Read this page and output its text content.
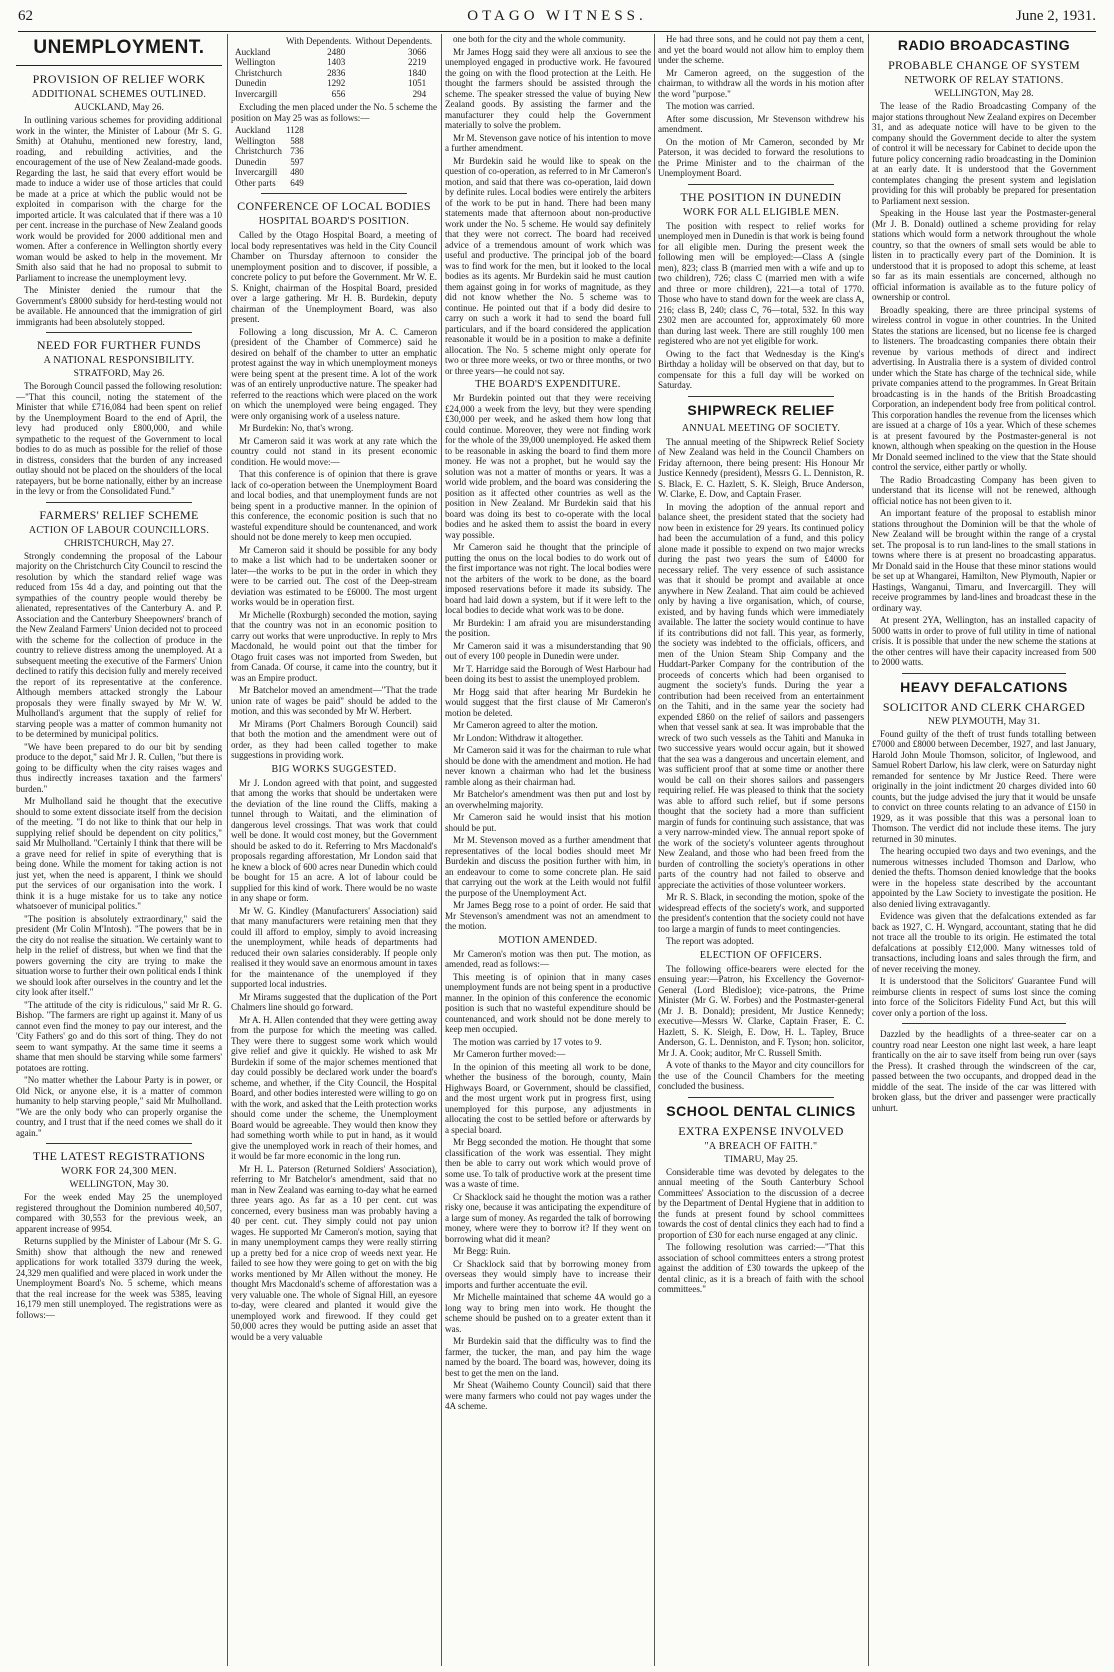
62	OTAGO WITNESS.	June 2, 1931.
UNEMPLOYMENT.
PROVISION OF RELIEF WORK
ADDITIONAL SCHEMES OUTLINED.
AUCKLAND, May 26.

In outlining various schemes for providing additional work in the winter, the Minister of Labour (Mr S. G. Smith) at Otahuhu, mentioned new forestry, land, roading, and rebuilding activities, and the encouragement of the use of New Zealand-made goods. Regarding the last, he said that every effort would be made to induce a wider use of those articles that could be made at a price at which the public would not be exploited in comparison with the charge for the imported article. It was calculated that if there was a 10 per cent. increase in the purchase of New Zealand goods work would be provided for 2000 additional men and women. After a conference in Wellington shortly every woman would be asked to help in the movement. Mr Smith also said that he had no proposal to submit to Parliament to increase the unemployment levy.

The Minister denied the rumour that the Government's £8000 subsidy for herd-testing would not be available. He announced that the immigration of girl immigrants had been absolutely stopped.

NEED FOR FURTHER FUNDS
A NATIONAL RESPONSIBILITY.
STRATFORD, May 26.

The Borough Council passed the following resolution:—"That this council, noting the statement of the Minister that while £716,084 had been spent on relief by the Unemployment Board to the end of April, the levy had produced only £800,000, and while sympathetic to the request of the Government to local bodies to do as much as possible for the relief of those in distress, considers that the burden of any increased outlay should not be placed on the shoulders of the local ratepayers, but be borne nationally, either by an increase in the levy or from the Consolidated Fund."

FARMERS' RELIEF SCHEME
ACTION OF LABOUR COUNCILLORS.
CHRISTCHURCH, May 27.

Strongly condemning the proposal of the Labour majority on the Christchurch City Council to rescind the resolution by which the standard relief wage was reduced from 15s 4d a day, and pointing out that the sympathies of the country people would thereby be alienated, representatives of the Canterbury A. and P. Association and the Canterbury Sheepowners' branch of the New Zealand Farmers' Union decided not to proceed with the scheme for the collection of produce in the country to relieve distress among the unemployed. At a subsequent meeting the executive of the Farmers' Union declined to ratify this decision fully and merely received the report of its representative at the conference. Although members attacked strongly the Labour proposals they were finally swayed by Mr W. W. Mulholland's argument that the supply of relief for starving people was a matter of common humanity not to be determined by municipal politics.

"We have been prepared to do our bit by sending produce to the depot," said Mr J. R. Cullen, "but there is going to be difficulty when the city raises wages and thus indirectly increases taxation and the farmers' burden."

Mr Mulholland said he thought that the executive should to some extent dissociate itself from the decision of the meeting. "I do not like to think that our help in supplying relief should be dependent on city politics," said Mr Mulholland. "Certainly I think that there will be a grave need for relief in spite of everything that is being done. While the moment for taking action is not just yet, when the need is apparent, I think we should put the services of our organisation into the work. I think it is a huge mistake for us to take any notice whatsoever of municipal politics."

"The position is absolutely extraordinary," said the president (Mr Colin M'Intosh). "The powers that be in the city do not realise the situation. We certainly want to help in the relief of distress, but when we find that the powers governing the city are trying to make the situation worse to further their own political ends I think we should look after ourselves in the country and let the city look after itself."

"The attitude of the city is ridiculous," said Mr R. G. Bishop. "The farmers are right up against it. Many of us cannot even find the money to pay our interest, and the 'City Fathers' go and do this sort of thing. They do not seem to want sympathy. At the same time it seems a shame that men should be starving while some farmers' potatoes are rotting.

"No matter whether the Labour Party is in power, or Old Nick, or anyone else, it is a matter of common humanity to help starving people," said Mr Mulholland. "We are the only body who can properly organise the country, and I trust that if the need comes we shall do it again."

THE LATEST REGISTRATIONS
WORK FOR 24,300 MEN.
WELLINGTON, May 30.

For the week ended May 25 the unemployed registered throughout the Dominion numbered 40,507, compared with 30,553 for the previous week, an apparent increase of 9954.

Returns supplied by the Minister of Labour (Mr S. G. Smith) show that although the new and renewed applications for work totalled 3379 during the week, 24,329 men qualified and were placed in work under the Unemployment Board's No. 5 scheme, which means that the real increase for the week was 5385, leaving 16,179 men still unemployed. The registrations were as follows:—

	With Dependents.	Without Dependents.
Auckland	2480	3066
Wellington	1403	2219
Christchurch	2836	1840
Dunedin	1292	1051
Invercargill	656	294

Excluding the men placed under the No. 5 scheme the position on May 25 was as follows:—

Auckland	1128
Wellington	588
Christchurch	736
Dunedin	597
Invercargill	480
Other parts	649
CONFERENCE OF LOCAL BODIES
HOSPITAL BOARD'S POSITION.

Called by the Otago Hospital Board, a meeting of local body representatives was held in the City Council Chamber on Thursday afternoon to consider the unemployment position and to discover, if possible, a concrete policy to put before the Government. Mr W. E. S. Knight, chairman of the Hospital Board, presided over a large gathering. Mr H. B. Burdekin, deputy chairman of the Unemployment Board, was also present.

Following a long discussion, Mr A. C. Cameron (president of the Chamber of Commerce) said he desired on behalf of the chamber to utter an emphatic protest against the way in which unemployment moneys were being spent at the present time. A lot of the work was of an entirely unproductive nature. The speaker had referred to the reactions which were placed on the work on which the unemployed were being engaged. They were only organising work of a useless nature.

Mr Burdekin: No, that's wrong.

Mr Cameron said it was work at any rate which the country could not stand in its present economic condition. He would move:—

That this conference is of opinion that there is grave lack of co-operation between the Unemployment Board and local bodies, and that unemployment funds are not being spent in a productive manner. In the opinion of this conference, the economic position is such that no wasteful expenditure should be countenanced, and work should not be done merely to keep men occupied.

Mr Cameron said it should be possible for any body to make a list which had to be undertaken sooner or later—the works to be put in the order in which they were to be carried out. The cost of the Deep-stream deviation was estimated to be £6000. The most urgent works would be in operation first.

Mr Michelle (Roxburgh) seconded the motion, saying that the country was not in an economic position to carry out works that were unproductive. In reply to Mrs Macdonald, he would point out that the timber for Otago fruit cases was not imported from Sweden, but from Canada. Of course, it came into the country, but it was an Empire product.

Mr Batchelor moved an amendment—"That the trade union rate of wages be paid" should be added to the motion, and this was seconded by Mr W. Herbert.

Mr Mirams (Port Chalmers Borough Council) said that both the motion and the amendment were out of order, as they had been called together to make suggestions in providing work.

BIG WORKS SUGGESTED.

Mr J. London agreed with that point, and suggested that among the works that should be undertaken were the deviation of the line round the Cliffs, making a tunnel through to Waitati, and the elimination of dangerous level crossings. That was work that could well be done. It would cost money, but the Government should be asked to do it. Referring to Mrs Macdonald's proposals regarding afforestation, Mr London said that he knew a block of 600 acres near Dunedin which could be bought for 15 an acre. A lot of labour could be supplied for this kind of work. There would be no waste in any shape or form.

Mr W. G. Kindley (Manufacturers' Association) said that many manufacturers were retaining men that they could ill afford to employ, simply to avoid increasing the unemployment, while heads of departments had reduced their own salaries considerably. If people only realised it they would save an enormous amount in taxes for the maintenance of the unemployed if they supported local industries.

Mr Mirams suggested that the duplication of the Port Chalmers line should go forward.

Mr A. H. Allen contended that they were getting away from the purpose for which the meeting was called. They were there to suggest some work which would give relief and give it quickly. He wished to ask Mr Burdekin if some of the major schemes mentioned that day could possibly be declared work under the board's scheme, and whether, if the City Council, the Hospital Board, and other bodies interested were willing to go on with the work, and asked that the Leith protection works should come under the scheme, the Unemployment Board would be agreeable. They would then know they had something worth while to put in hand, as it would give the unemployed work in reach of their homes, and it would be far more economic in the long run.

Mr H. L. Paterson (Returned Soldiers' Association), referring to Mr Batchelor's amendment, said that no man in New Zealand was earning to-day what he earned three years ago. As far as a 10 per cent. cut was concerned, every business man was probably having a 40 per cent. cut. They simply could not pay union wages. He supported Mr Cameron's motion, saying that in many unemployment camps they were really stirring up a pretty bed for a nice crop of weeds next year. He failed to see how they were going to get on with the big works mentioned by Mr Allen without the money. He thought Mrs Macdonald's scheme of afforestation was a very valuable one. The whole of Signal Hill, an eyesore to-day, were cleared and planted it would give the unemployed work and firewood. If they could get 50,000 acres they would be putting aside an asset that would be a very valuable

one both for the city and the whole community.

Mr James Hogg said they were all anxious to see the unemployed engaged in productive work. He favoured the going on with the flood protection at the Leith. He thought the farmers should be assisted through the scheme. The speaker stressed the value of buying New Zealand goods. By assisting the farmer and the manufacturer they could help the Government materially to solve the problem.

Mr M. Stevenson gave notice of his intention to move a further amendment.

Mr Burdekin said he would like to speak on the question of co-operation, as referred to in Mr Cameron's motion, and said that there was co-operation, laid down by definite rules. Local bodies were entirely the arbiters of the work to be put in hand. There had been many statements made that afternoon about non-productive work under the No. 5 scheme. He would say definitely that they were not correct. The board had received advice of a tremendous amount of work which was useful and productive. The principal job of the board was to find work for the men, but it looked to the local bodies as its agents. Mr Burdekin said he must caution them against going in for works of magnitude, as they did not know whether the No. 5 scheme was to continue. He pointed out that if a body did desire to carry on such a work it had to send the board full particulars, and if the board considered the application reasonable it would be in a position to make a definite allocation. The No. 5 scheme might only operate for two or three more weeks, or two or three months, or two or three years—he could not say.

THE BOARD'S EXPENDITURE.

Mr Burdekin pointed out that they were receiving £24,000 a week from the levy, but they were spending £30,000 per week, and he asked them how long that could continue. Moreover, they were not finding work for the whole of the 39,000 unemployed. He asked them to be reasonable in asking the board to find them more money. He was not a prophet, but he would say the solution was not a matter of months or years. It was a world wide problem, and the board was considering the position as it affected other countries as well as the position in New Zealand. Mr Burdekin said that his board was doing its best to co-operate with the local bodies and he asked them to assist the board in every way possible.

Mr Cameron said he thought that the principle of putting the onus on the local bodies to do work out of the first importance was not right. The local bodies were not the arbiters of the work to be done, as the board imposed reservations before it made its subsidy. The board had laid down a system, but if it were left to the local bodies to decide what work was to be done.

Mr Burdekin: I am afraid you are misunderstanding the position.

Mr Cameron said it was a misunderstanding that 90 out of every 100 people in Dunedin were under.

Mr T. Harridge said the Borough of West Harbour had been doing its best to assist the unemployed problem.

Mr Hogg said that after hearing Mr Burdekin he would suggest that the first clause of Mr Cameron's motion be deleted.

Mr Cameron agreed to alter the motion.

Mr London: Withdraw it altogether.

Mr Cameron said it was for the chairman to rule what should be done with the amendment and motion. He had never known a chairman who had let the business ramble along as their chairman had.

Mr Batchelor's amendment was then put and lost by an overwhelming majority.

Mr Cameron said he would insist that his motion should be put.

Mr M. Stevenson moved as a further amendment that representatives of the local bodies should meet Mr Burdekin and discuss the position further with him, in an endeavour to come to some concrete plan. He said that carrying out the work at the Leith would not fulfil the purpose of the Unemployment Act.

Mr James Begg rose to a point of order. He said that Mr Stevenson's amendment was not an amendment to the motion.

MOTION AMENDED.

Mr Cameron's motion was then put. The motion, as amended, read as follows:—

This meeting is of opinion that in many cases unemployment funds are not being spent in a productive manner. In the opinion of this conference the economic position is such that no wasteful expenditure should be countenanced, and work should not be done merely to keep men occupied.

The motion was carried by 17 votes to 9.

Mr Cameron further moved:—

In the opinion of this meeting all work to be done, whether the business of the borough, county, Main Highways Board, or Government, should be classified, and the most urgent work put in progress first, using unemployed for this purpose, any adjustments in allocating the cost to be settled before or afterwards by a special board.

Mr Begg seconded the motion. He thought that some classification of the work was essential. They might then be able to carry out work which would prove of some use. To talk of productive work at the present time was a waste of time.

Cr Shacklock said he thought the motion was a rather risky one, because it was anticipating the expenditure of a large sum of money. As regarded the talk of borrowing money, where were they to borrow it? If they went on borrowing what did it mean?

Mr Begg: Ruin.

Cr Shacklock said that by borrowing money from overseas they would simply have to increase their imports and further accentuate the evil.

Mr Michelle maintained that scheme 4A would go a long way to bring men into work. He thought the scheme should be pushed on to a greater extent than it was.

Mr Burdekin said that the difficulty was to find the farmer, the tucker, the man, and pay him the wage named by the board. The board was, however, doing its best to get the men on the land.

Mr Sheat (Waihemo County Council) said that there were many farmers who could not pay wages under the 4A scheme.

He had three sons, and he could not pay them a cent, and yet the board would not allow him to employ them under the scheme.

Mr Cameron agreed, on the suggestion of the chairman, to withdraw all the words in his motion after the word "purpose."

The motion was carried.

After some discussion, Mr Stevenson withdrew his amendment.

On the motion of Mr Cameron, seconded by Mr Paterson, it was decided to forward the resolutions to the Prime Minister and to the chairman of the Unemployment Board.

THE POSITION IN DUNEDIN
WORK FOR ALL ELIGIBLE MEN.

The position with respect to relief works for unemployed men in Dunedin is that work is being found for all eligible men. During the present week the following men will be employed:—Class A (single men), 823; class B (married men with a wife and up to two children), 726; class C (married men with a wife and three or more children), 221—a total of 1770. Those who have to stand down for the week are class A, 216; class B, 240; class C, 76—total, 532. In this way 2302 men are accounted for, approximately 60 more than during last week. There are still roughly 100 men registered who are not yet eligible for work.

Owing to the fact that Wednesday is the King's Birthday a holiday will be observed on that day, but to compensate for this a full day will be worked on Saturday.

SHIPWRECK RELIEF
ANNUAL MEETING OF SOCIETY.

The annual meeting of the Shipwreck Relief Society of New Zealand was held in the Council Chambers on Friday afternoon, there being present: His Honour Mr Justice Kennedy (president), Messrs G. L. Denniston, R. S. Black, E. C. Hazlett, S. K. Sleigh, Bruce Anderson, W. Clarke, E. Dow, and Captain Fraser.

In moving the adoption of the annual report and balance sheet, the president stated that the society had now been in existence for 29 years. Its continued policy had been the accumulation of a fund, and this policy alone made it possible to expend on two major wrecks during the past two years the sum of £4000 for necessary relief. The very essence of such assistance was that it should be prompt and available at once anywhere in New Zealand. That aim could be achieved only by having a live organisation, which, of course, existed, and by having funds which were immediately available. The latter the society would continue to have if its contributions did not fall. This year, as formerly, the society was indebted to the officials, officers, and men of the Union Steam Ship Company and the Huddart-Parker Company for the contribution of the proceeds of concerts which had been organised to augment the society's funds. During the year a contribution had been received from an entertainment on the Tahiti, and in the same year the society had expended £860 on the relief of sailors and passengers when that vessel sank at sea. It was improbable that the wreck of two such vessels as the Tahiti and Manuka in two successive years would occur again, but it showed that the sea was a dangerous and uncertain element, and was sufficient proof that at some time or another there would be call on their shores sailors and passengers requiring relief. He was pleased to think that the society was able to afford such relief, but if some persons thought that the society had a more than sufficient margin of funds for continuing such assistance, that was a very narrow-minded view. The annual report spoke of the work of the society's volunteer agents throughout New Zealand, and those who had been freed from the burden of controlling the society's operations in other parts of the country had not failed to observe and appreciate the activities of those volunteer workers.

Mr R. S. Black, in seconding the motion, spoke of the widespread effects of the society's work, and supported the president's contention that the society could not have too large a margin of funds to meet contingencies.

The report was adopted.

ELECTION OF OFFICERS.

The following office-bearers were elected for the ensuing year:—Patron, his Excellency the Governor-General (Lord Bledisloe); vice-patrons, the Prime Minister (Mr G. W. Forbes) and the Postmaster-general (Mr J. B. Donald); president, Mr Justice Kennedy; executive—Messrs W. Clarke, Captain Fraser, E. C. Hazlett, S. K. Sleigh, E. Dow, H. L. Tapley, Bruce Anderson, G. L. Denniston, and F. Tyson; hon. solicitor, Mr J. A. Cook; auditor, Mr C. Russell Smith.

A vote of thanks to the Mayor and city councillors for the use of the Council Chambers for the meeting concluded the business.

SCHOOL DENTAL CLINICS
EXTRA EXPENSE INVOLVED
"A BREACH OF FAITH."
TIMARU, May 25.

Considerable time was devoted by delegates to the annual meeting of the South Canterbury School Committees' Association to the discussion of a decree by the Department of Dental Hygiene that in addition to the funds at present found by school committees towards the cost of dental clinics they each had to find a proportion of £30 for each nurse engaged at any clinic.

The following resolution was carried:—"That this association of school committees enters a strong protest against the addition of £30 towards the upkeep of the dental clinic, as it is a breach of faith with the school committees."

RADIO BROADCASTING
PROBABLE CHANGE OF SYSTEM
NETWORK OF RELAY STATIONS.
WELLINGTON, May 28.

The lease of the Radio Broadcasting Company of the major stations throughout New Zealand expires on December 31, and as adequate notice will have to be given to the company should the Government decide to alter the system of control it will be necessary for Cabinet to decide upon the future policy concerning radio broadcasting in the Dominion at an early date. It is understood that the Government contemplates changing the present system and legislation providing for this will probably be prepared for presentation to Parliament next session.

Speaking in the House last year the Postmaster-general (Mr J. B. Donald) outlined a scheme providing for relay stations which would form a network throughout the whole country, so that the owners of small sets would be able to listen in to practically every part of the Dominion. It is understood that it is proposed to adopt this scheme, at least so far as its main essentials are concerned, although no official information is available as to the future policy of ownership or control.

Broadly speaking, there are three principal systems of wireless control in vogue in other countries. In the United States the stations are licensed, but no license fee is charged to listeners. The broadcasting companies there obtain their revenue by various methods of direct and indirect advertising. In Australia there is a system of divided control under which the State has charge of the technical side, while private companies attend to the programmes. In Great Britain broadcasting is in the hands of the British Broadcasting Corporation, an independent body free from political control. This corporation handles the revenue from the licenses which are issued at a charge of 10s a year. Which of these schemes is at present favoured by the Postmaster-general is not known, although when speaking on the question in the House Mr Donald seemed inclined to the view that the State should control the service, either partly or wholly.

The Radio Broadcasting Company has been given to understand that its license will not be renewed, although official notice has not been given to it.

An important feature of the proposal to establish minor stations throughout the Dominion will be that the whole of New Zealand will be brought within the range of a crystal set. The proposal is to run land-lines to the small stations in towns where there is at present no broadcasting apparatus. Mr Donald said in the House that these minor stations would be set up at Whangarei, Hamilton, New Plymouth, Napier or Hastings, Wanganui, Timaru, and Invercargill. They will receive programmes by land-lines and broadcast these in the ordinary way.

At present 2YA, Wellington, has an installed capacity of 5000 watts in order to prove of full utility in time of national crisis. It is possible that under the new scheme the stations at the other centres will have their capacity increased from 500 to 2000 watts.

HEAVY DEFALCATIONS
SOLICITOR AND CLERK CHARGED
NEW PLYMOUTH, May 31.

Found guilty of the theft of trust funds totalling between £7000 and £8000 between December, 1927, and last January, Harold John Moule Thomson, solicitor, of Inglewood, and Samuel Robert Darlow, his law clerk, were on Saturday night remanded for sentence by Mr Justice Reed. There were originally in the joint indictment 20 charges divided into 60 counts, but the judge advised the jury that it would be unsafe to convict on three counts relating to an advance of £150 in 1929, as it was possible that this was a personal loan to Thomson. The verdict did not include these items. The jury returned in 30 minutes.

The hearing occupied two days and two evenings, and the numerous witnesses included Thomson and Darlow, who denied the thefts. Thomson denied knowledge that the books were in the hopeless state described by the accountant appointed by the Law Society to investigate the position. He also denied living extravagantly.

Evidence was given that the defalcations extended as far back as 1927, C. H. Wyngard, accountant, stating that he did not trace all the trouble to its origin. He estimated the total defalcations at possibly £12,000. Many witnesses told of transactions, including loans and sales through the firm, and of never receiving the money.

It is understood that the Solicitors' Guarantee Fund will reimburse clients in respect of sums lost since the coming into force of the Solicitors Fidelity Fund Act, but this will cover only a portion of the loss.

Dazzled by the headlights of a three-seater car on a country road near Leeston one night last week, a hare leapt frantically on the air to save itself from being run over (says the Press). It crashed through the windscreen of the car, passed between the two occupants, and dropped dead in the middle of the seat. The inside of the car was littered with broken glass, but the driver and passenger were practically unhurt.
